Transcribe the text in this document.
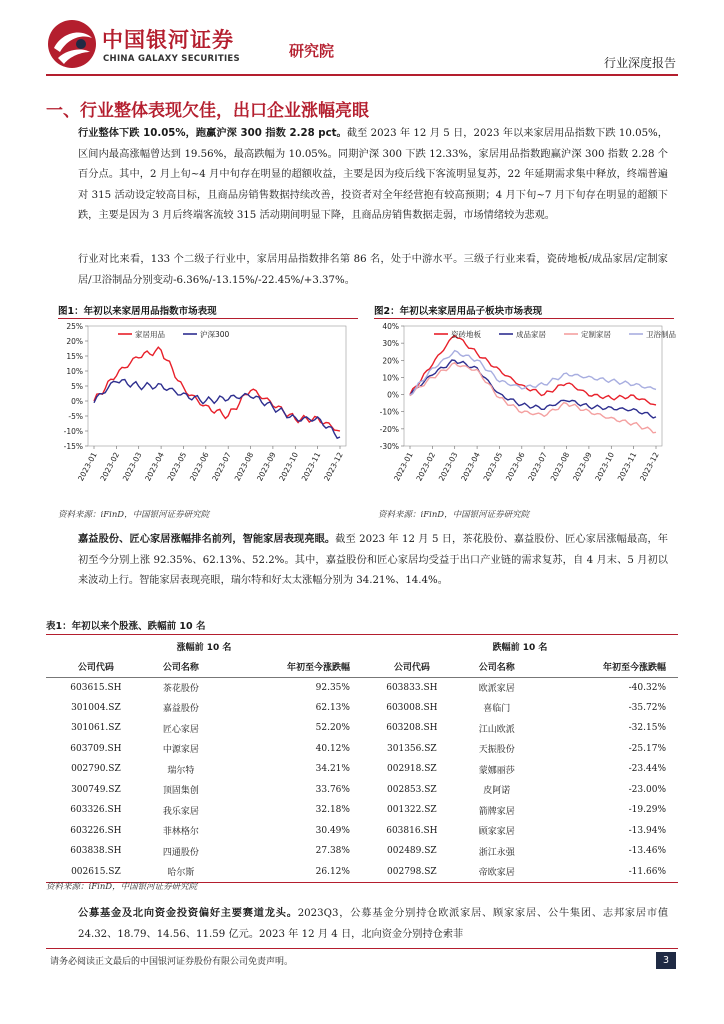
中国银河证券
CHINA GALAXY SECURITIES	研究院
行业深度报告
一、行业整体表现欠佳，出口企业涨幅亮眼

行业整体下跌 10.05%，跑赢沪深 300 指数 2.28 pct。截至 2023 年 12 月 5 日，2023 年以来家居用品指数下跌 10.05%，区间内最高涨幅曾达到 19.56%，最高跌幅为 10.05%。同期沪深 300 下跌 12.33%，家居用品指数跑赢沪深 300 指数 2.28 个百分点。其中，2 月上旬~4 月中旬存在明显的超额收益，主要是因为疫后线下客流明显复苏，22 年延期需求集中释放，终端普遍对 315 活动设定较高目标，且商品房销售数据持续改善，投资者对全年经营抱有较高预期；4 月下旬~7 月下旬存在明显的超额下跌，主要是因为 3 月后终端客流较 315 活动期间明显下降，且商品房销售数据走弱，市场情绪较为悲观。

行业对比来看，133 个二级子行业中，家居用品指数排名第 86 名，处于中游水平。三级子行业来看，瓷砖地板/成品家居/定制家居/卫浴制品分别变动-6.36%/-13.15%/-22.45%/+3.37%。

图1：年初以来家居用品指数市场表现
25%
20%
15%
10%
5%
0%
-5%
-10%
-15%
2023-01 2023-02 2023-03 2023-04 2023-05 2023-06 2023-07 2023-08 2023-09 2023-10 2023-11 2023-12
家居用品	沪深300
资料来源：iFinD，中国银河证券研究院
图2：年初以来家居用品子板块市场表现
40%
30%
20%
10%
0%
-10%
-20%
-30%
2023-01 2023-02 2023-03 2023-04 2023-05 2023-06 2023-07 2023-08 2023-09 2023-10 2023-11 2023-12
瓷砖地板	成品家居	定制家居	卫浴制品
资料来源：iFinD，中国银河证券研究院

嘉益股份、匠心家居涨幅排名前列，智能家居表现亮眼。截至 2023 年 12 月 5 日，茶花股份、嘉益股份、匠心家居涨幅最高，年初至今分别上涨 92.35%、62.13%、52.2%。其中，嘉益股份和匠心家居均受益于出口产业链的需求复苏，自 4 月末、5 月初以来波动上行。智能家居表现亮眼，瑞尔特和好太太涨幅分别为 34.21%、14.4%。

表1：年初以来个股涨、跌幅前 10 名
涨幅前 10 名			跌幅前 10 名		
公司代码	公司名称	年初至今涨跌幅	公司代码	公司名称	年初至今涨跌幅
603615.SH	茶花股份	92.35%	603833.SH	欧派家居	-40.32%
301004.SZ	嘉益股份	62.13%	603008.SH	喜临门	-35.72%
301061.SZ	匠心家居	52.20%	603208.SH	江山欧派	-32.15%
603709.SH	中源家居	40.12%	301356.SZ	天振股份	-25.17%
002790.SZ	瑞尔特	34.21%	002918.SZ	蒙娜丽莎	-23.44%
300749.SZ	顶固集创	33.76%	002853.SZ	皮阿诺	-23.00%
603326.SH	我乐家居	32.18%	001322.SZ	箭牌家居	-19.29%
603226.SH	菲林格尔	30.49%	603816.SH	顾家家居	-13.94%
603838.SH	四通股份	27.38%	002489.SZ	浙江永强	-13.46%
002615.SZ	哈尔斯	26.12%	002798.SZ	帝欧家居	-11.66%
资料来源：iFinD，中国银河证券研究院

公募基金及北向资金投资偏好主要赛道龙头。2023Q3，公募基金分别持仓欧派家居、顾家家居、公牛集团、志邦家居市值 24.32、18.79、14.56、11.59 亿元。2023 年 12 月 4 日，北向资金分别持仓索菲

请务必阅读正文最后的中国银河证券股份有限公司免责声明。	3
